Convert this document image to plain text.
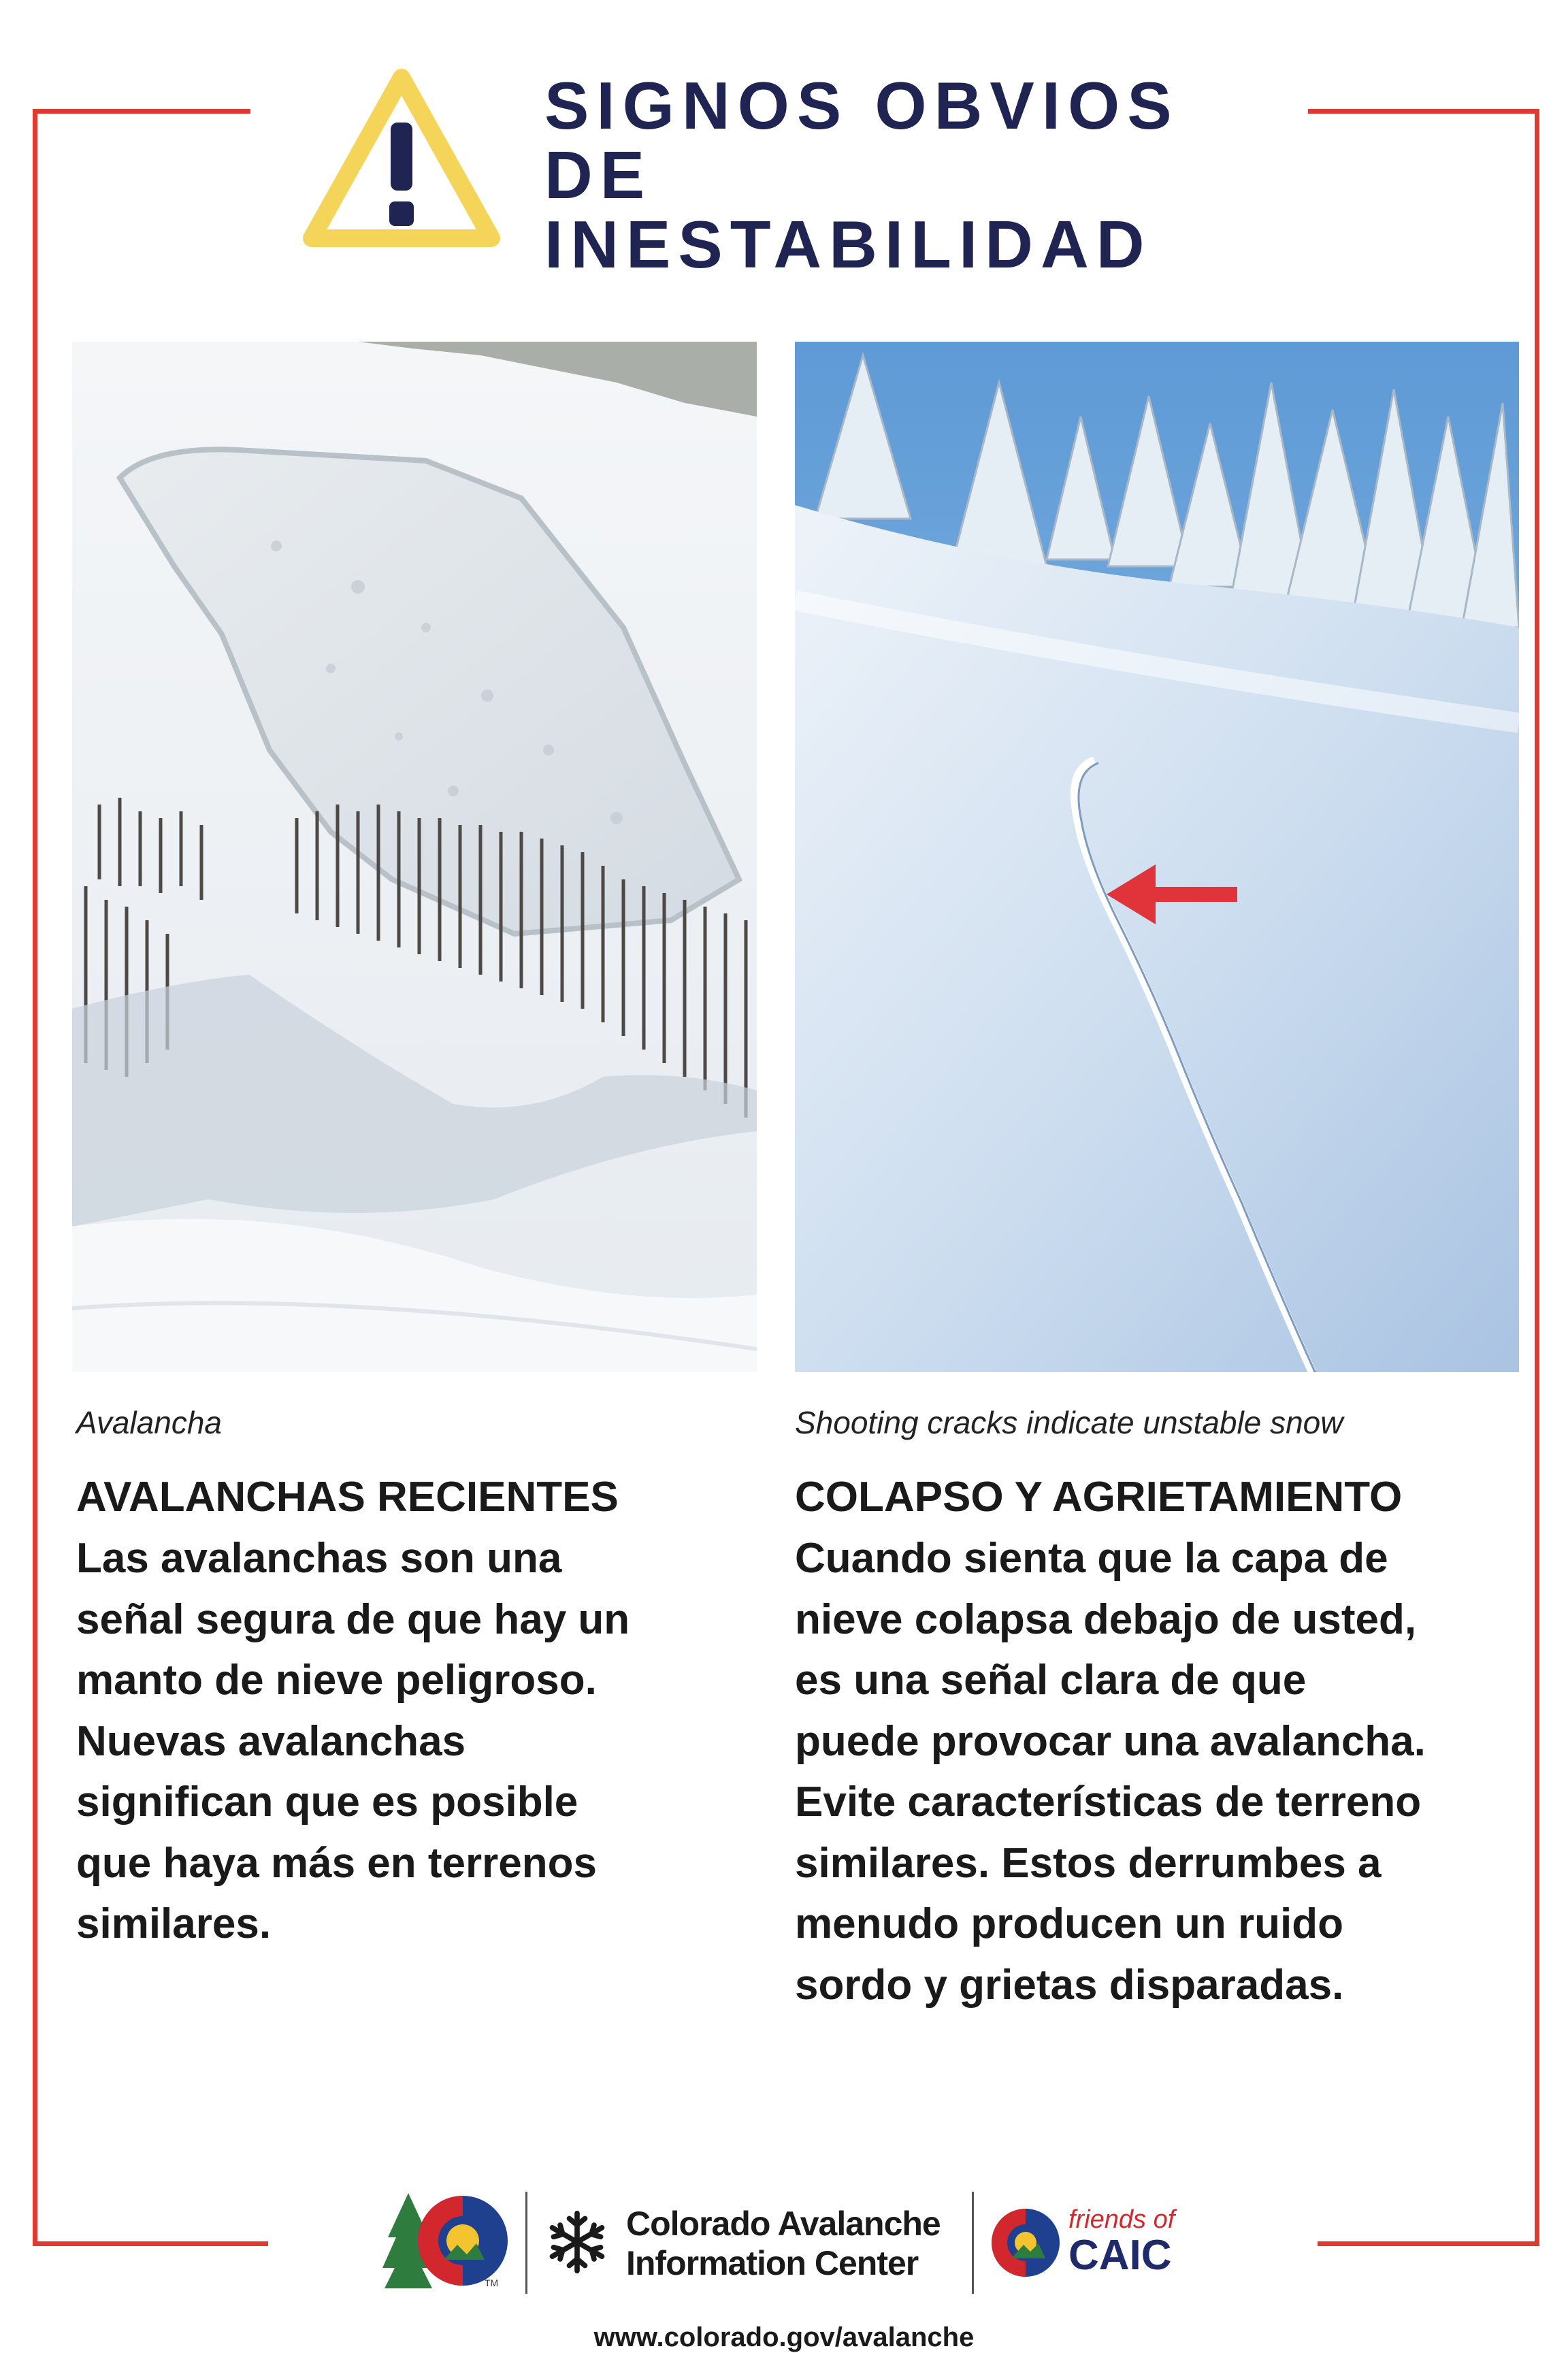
SIGNOS OBVIOS DE
INESTABILIDAD

Avalancha	Shooting cracks indicate unstable snow

AVALANCHAS RECIENTES

Las avalanchas son una
señal segura de que hay un
manto de nieve peligroso.
Nuevas avalanchas
significan que es posible
que haya más en terrenos
similares.

COLAPSO Y AGRIETAMIENTO

Cuando sienta que la capa de
nieve colapsa debajo de usted,
es una señal clara de que
puede provocar una avalancha.
Evite características de terreno
similares. Estos derrumbes a
menudo producen un ruido
sordo y grietas disparadas.

TM

Colorado Avalanche
Information Center

friends of

CAIC

www.colorado.gov/avalanche
